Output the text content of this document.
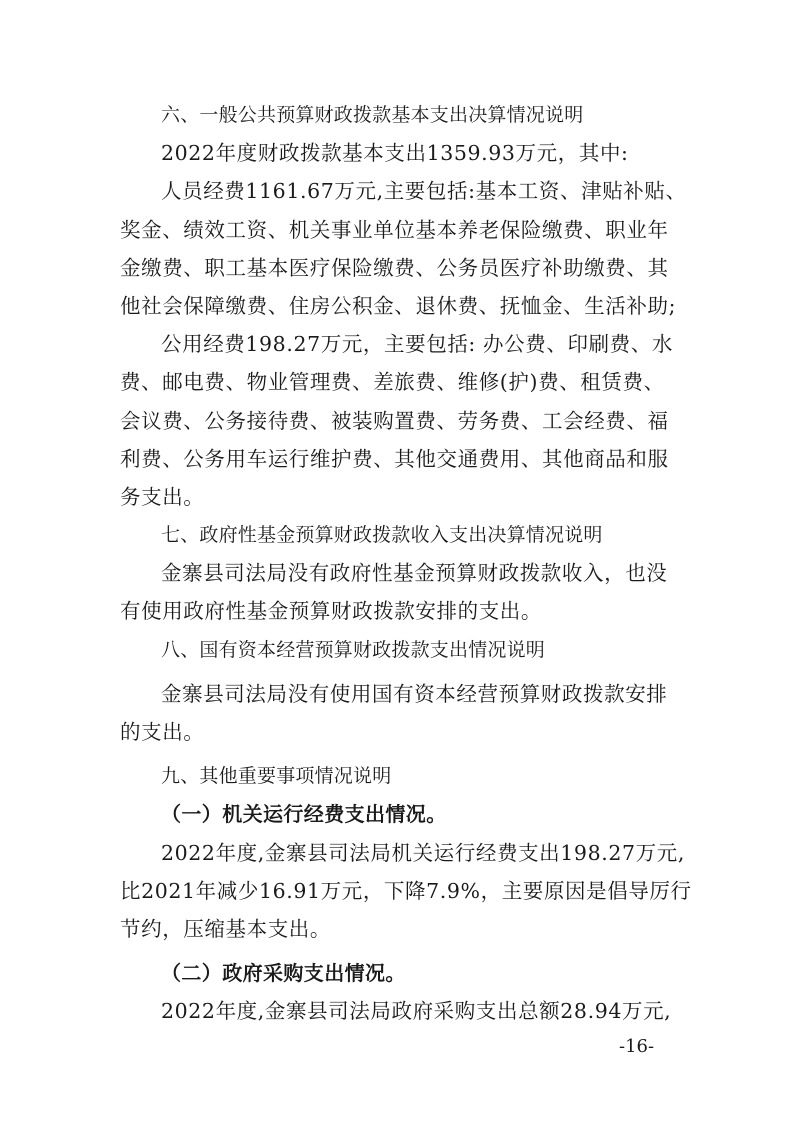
六、一般公共预算财政拨款基本支出决算情况说明
2022年度财政拨款基本支出1359.93万元，其中:
人员经费1161.67万元,主要包括:基本工资、津贴补贴、
奖金、绩效工资、机关事业单位基本养老保险缴费、职业年
金缴费、职工基本医疗保险缴费、公务员医疗补助缴费、其
他社会保障缴费、住房公积金、退休费、抚恤金、生活补助;
公用经费198.27万元，主要包括: 办公费、印刷费、水
费、邮电费、物业管理费、差旅费、维修(护)费、租赁费、
会议费、公务接待费、被装购置费、劳务费、工会经费、福
利费、公务用车运行维护费、其他交通费用、其他商品和服
务支出。
七、政府性基金预算财政拨款收入支出决算情况说明
金寨县司法局没有政府性基金预算财政拨款收入，也没
有使用政府性基金预算财政拨款安排的支出。
八、国有资本经营预算财政拨款支出情况说明
金寨县司法局没有使用国有资本经营预算财政拨款安排
的支出。
九、其他重要事项情况说明
（一）机关运行经费支出情况。
2022年度,金寨县司法局机关运行经费支出198.27万元,
比2021年减少16.91万元，下降7.9%，主要原因是倡导厉行
节约，压缩基本支出。
（二）政府采购支出情况。
2022年度,金寨县司法局政府采购支出总额28.94万元,
-16-
